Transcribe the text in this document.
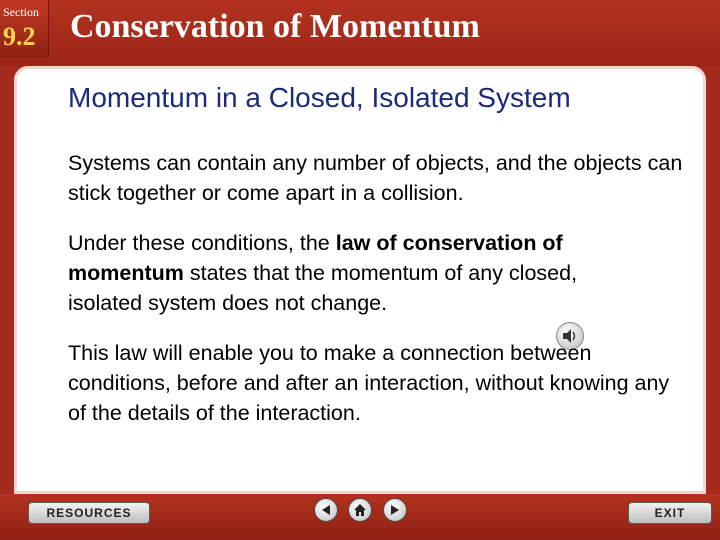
Section
9.2 Conservation of Momentum
Momentum in a Closed, Isolated System
Systems can contain any number of objects, and the objects can stick together or come apart in a collision.
Under these conditions, the law of conservation of momentum states that the momentum of any closed, isolated system does not change.
This law will enable you to make a connection between conditions, before and after an interaction, without knowing any of the details of the interaction.
RESOURCES	EXIT
